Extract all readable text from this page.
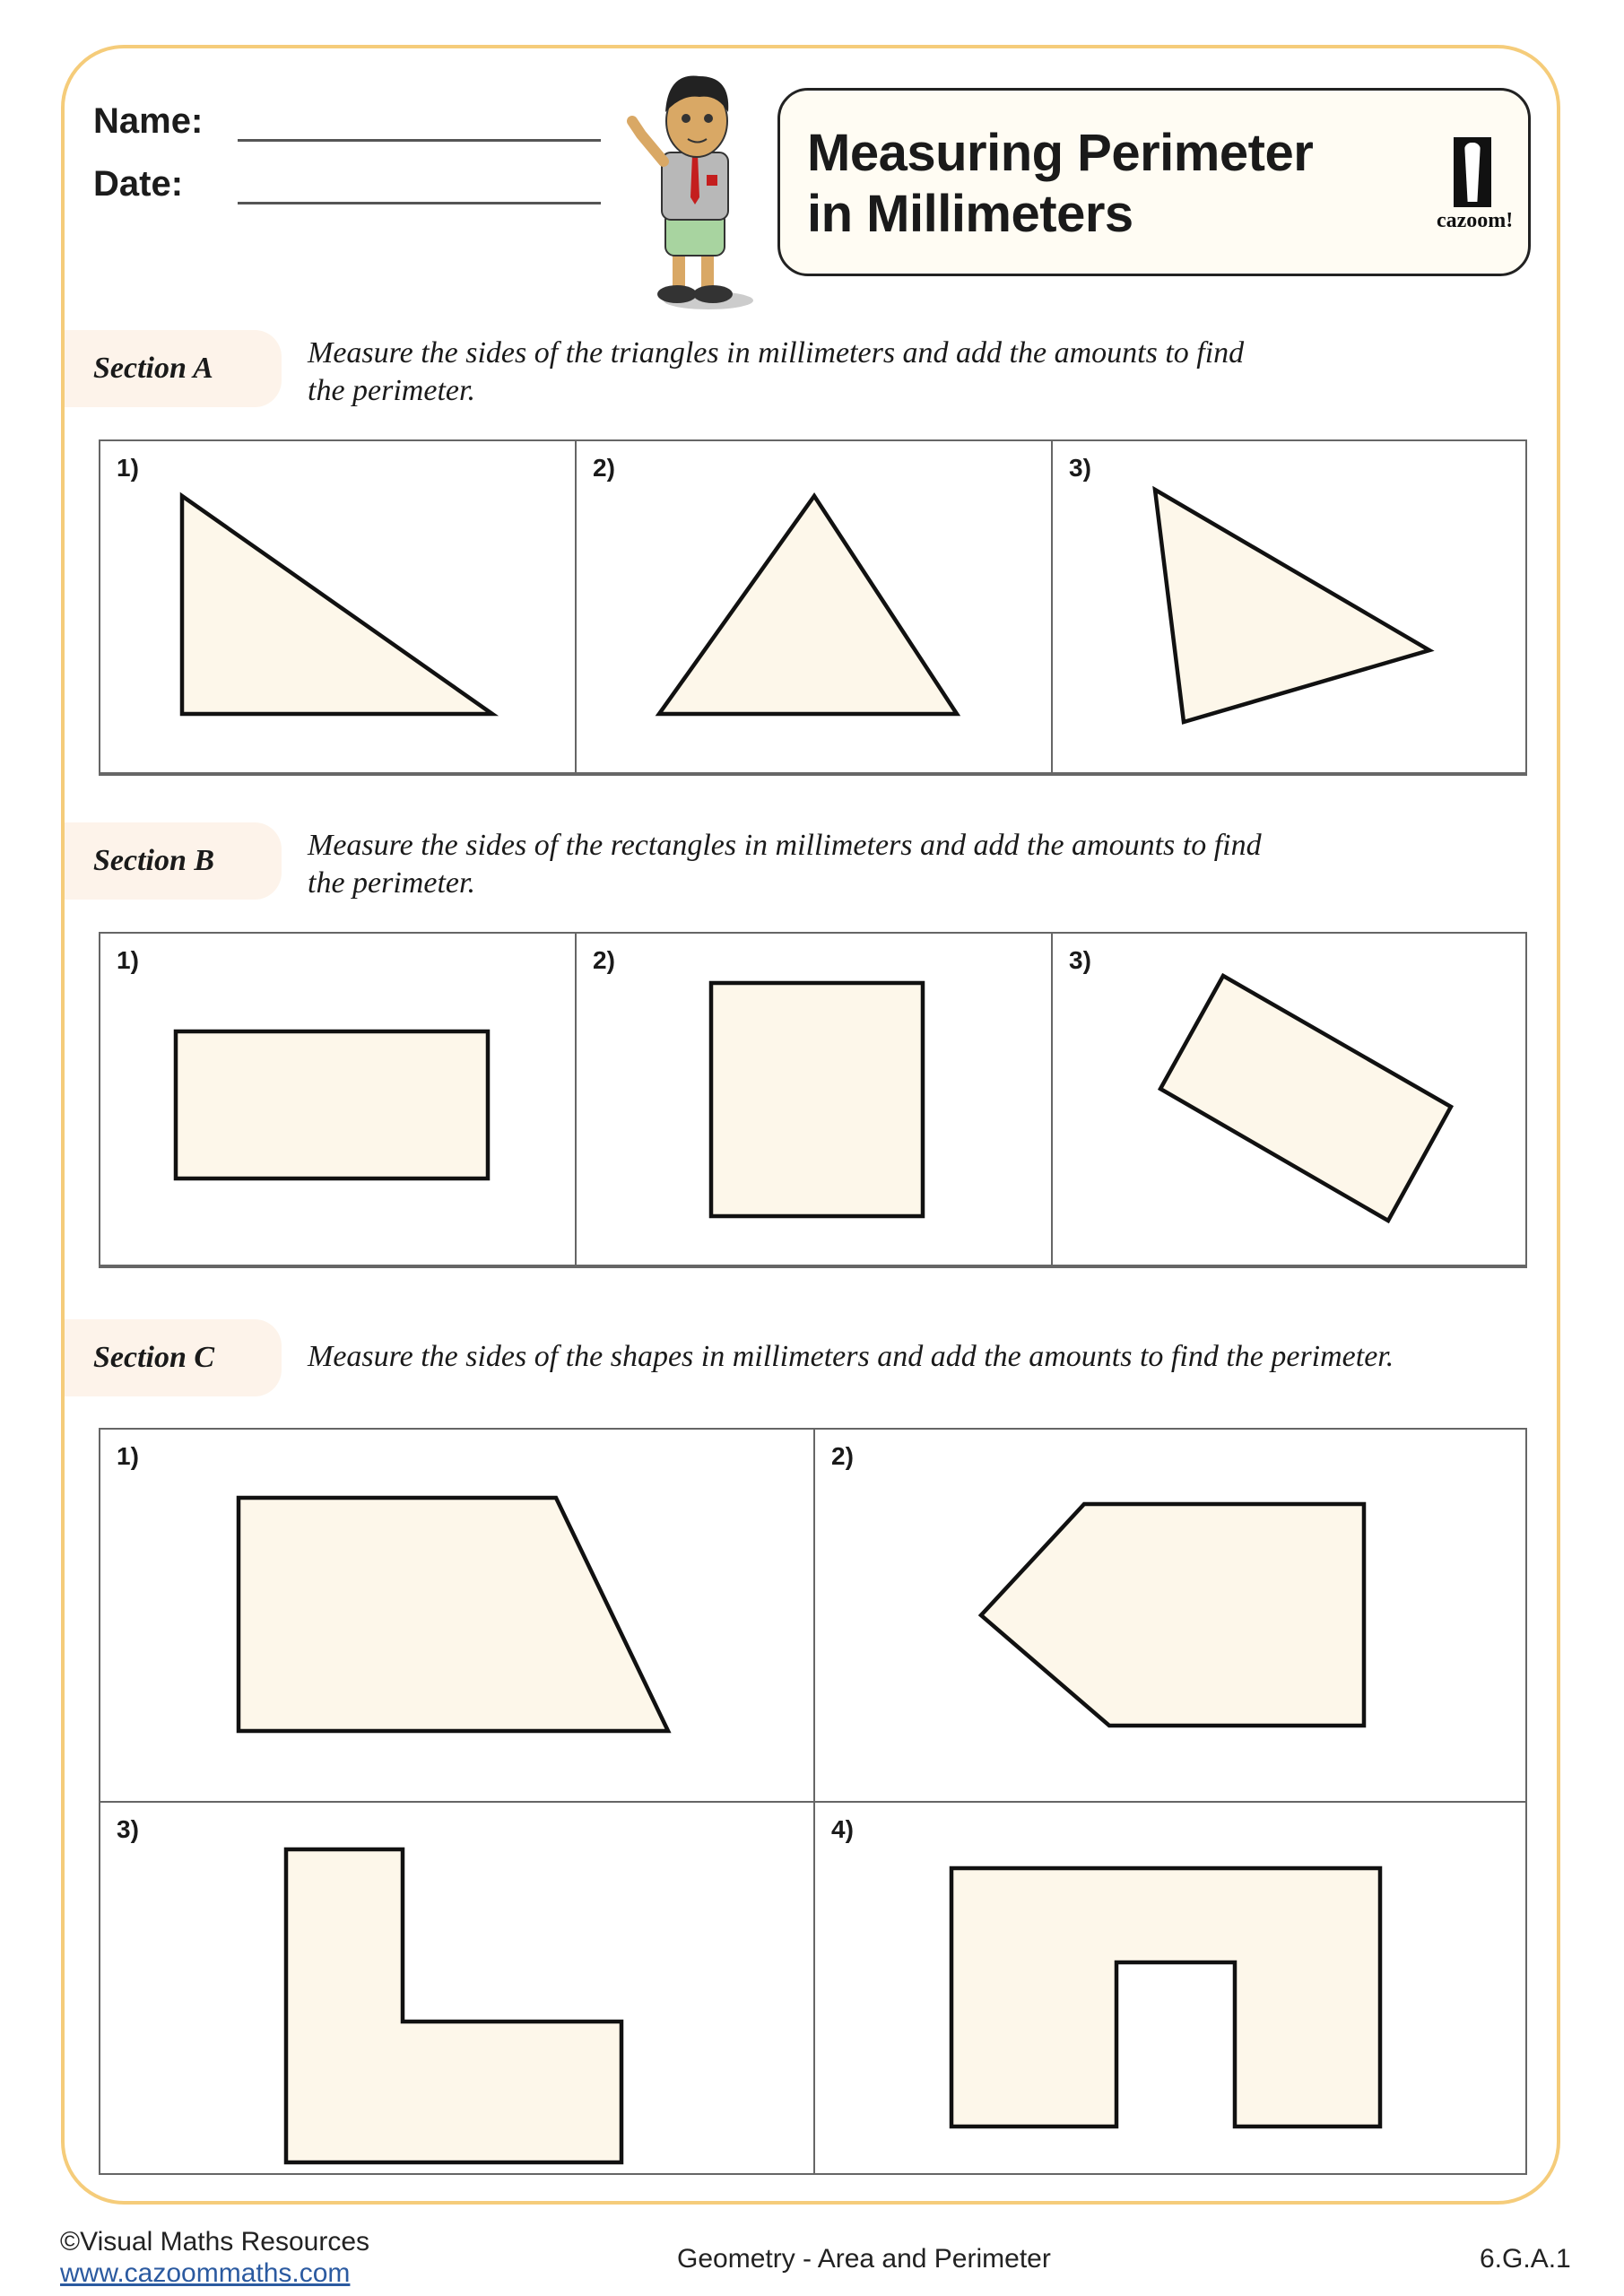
Name:
Date:
Measuring Perimeter
in Millimeters	cazoom!
Section A	Measure the sides of the triangles in millimeters and add the amounts to find
the perimeter.
1)	2)	3)
Section B	Measure the sides of the rectangles in millimeters and add the amounts to find
the perimeter.
1)	2)	3)
Section C	Measure the sides of the shapes in millimeters and add the amounts to find the perimeter.
1)	2)
3)	4)
©Visual Maths Resources
www.cazoommaths.com	Geometry - Area and Perimeter	6.G.A.1
